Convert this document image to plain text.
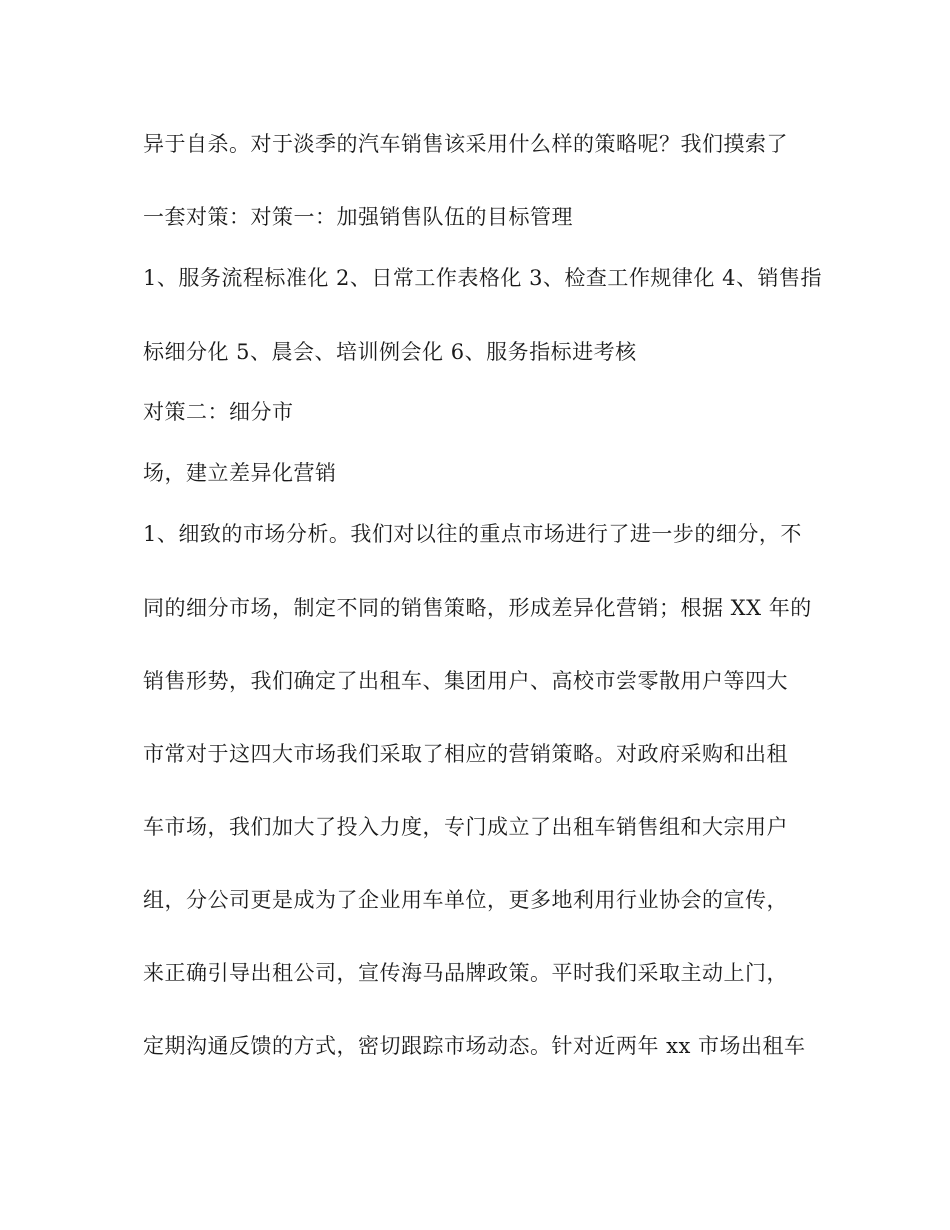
异于自杀。对于淡季的汽车销售该采用什么样的策略呢？我们摸索了
一套对策：对策一：加强销售队伍的目标管理
1、服务流程标准化 2、日常工作表格化 3、检查工作规律化 4、销售指
标细分化 5、晨会、培训例会化 6、服务指标进考核
对策二：细分市
场，建立差异化营销
1、细致的市场分析。我们对以往的重点市场进行了进一步的细分，不
同的细分市场，制定不同的销售策略，形成差异化营销；根据 XX 年的
销售形势，我们确定了出租车、集团用户、高校市尝零散用户等四大
市常对于这四大市场我们采取了相应的营销策略。对政府采购和出租
车市场，我们加大了投入力度，专门成立了出租车销售组和大宗用户
组，分公司更是成为了企业用车单位，更多地利用行业协会的宣传，
来正确引导出租公司，宣传海马品牌政策。平时我们采取主动上门，
定期沟通反馈的方式，密切跟踪市场动态。针对近两年 xx 市场出租车
